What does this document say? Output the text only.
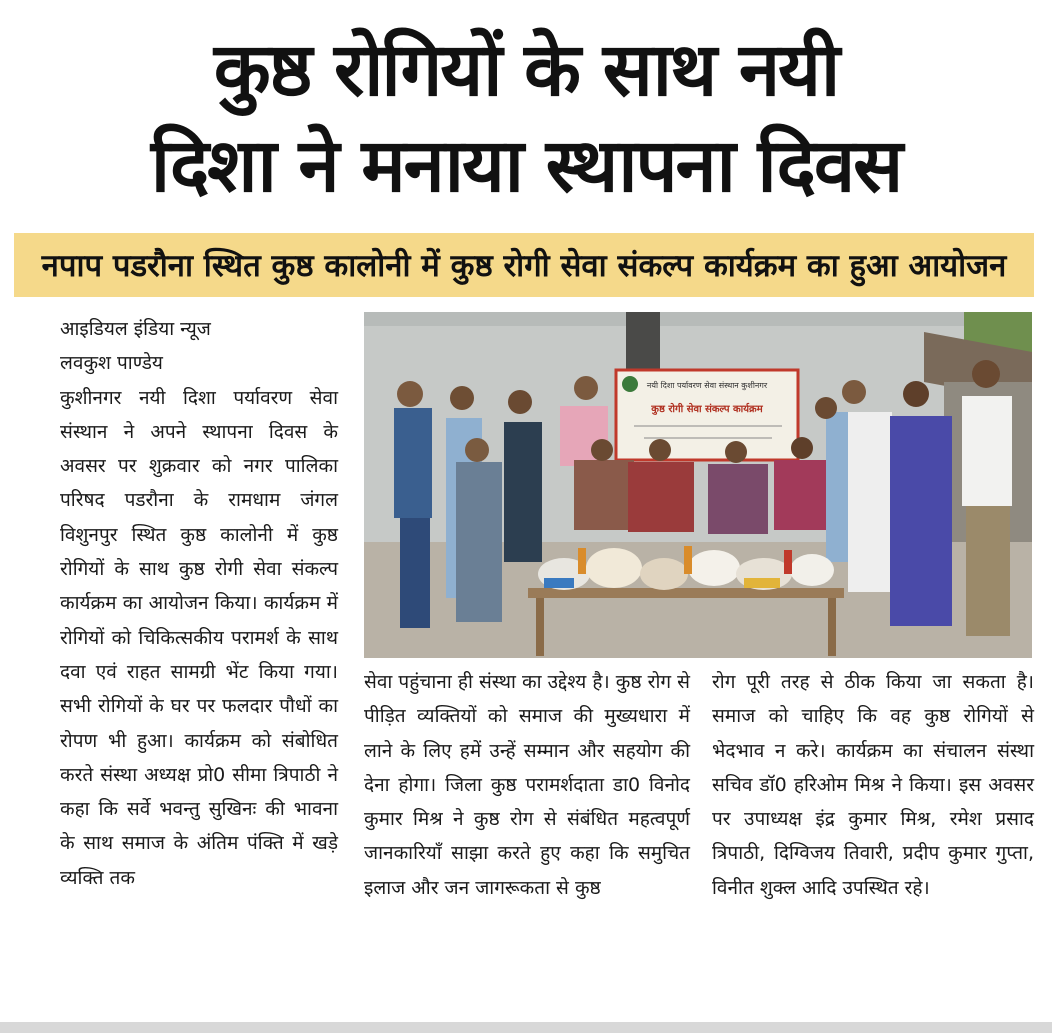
कुष्ठ रोगियों के साथ नयी
दिशा ने मनाया स्थापना दिवस
नपाप पडरौना स्थित कुष्ठ कालोनी में कुष्ठ रोगी सेवा संकल्प कार्यक्रम का हुआ आयोजन

आइडियल इंडिया न्यूज

लवकुश पाण्डेय

कुशीनगर नयी दिशा पर्यावरण सेवा संस्थान ने अपने स्थापना दिवस के अवसर पर शुक्रवार को नगर पालिका परिषद पडरौना के रामधाम जंगल विशुनपुर स्थित कुष्ठ कालोनी में कुष्ठ रोगियों के साथ कुष्ठ रोगी सेवा संकल्प कार्यक्रम का आयोजन किया। कार्यक्रम में रोगियों को चिकित्सकीय परामर्श के साथ दवा एवं राहत सामग्री भेंट किया गया। सभी रोगियों के घर पर फलदार पौधों का रोपण भी हुआ। कार्यक्रम को संबोधित करते संस्था अध्यक्ष प्रो0 सीमा त्रिपाठी ने कहा कि सर्वे भवन्तु सुखिनः की भावना के साथ समाज के अंतिम पंक्ति में खड़े व्यक्ति तक

नयी दिशा पर्यावरण सेवा संस्थान कुशीनगर
कुष्ठ रोगी सेवा संकल्प कार्यक्रम

सेवा पहुंचाना ही संस्था का उद्देश्य है। कुष्ठ रोग से पीड़ित व्यक्तियों को समाज की मुख्यधारा में लाने के लिए हमें उन्हें सम्मान और सहयोग की देना होगा। जिला कुष्ठ परामर्शदाता डा0 विनोद कुमार मिश्र ने कुष्ठ रोग से संबंधित महत्वपूर्ण जानकारियाँ साझा करते हुए कहा कि समुचित इलाज और जन जागरूकता से कुष्ठ

रोग पूरी तरह से ठीक किया जा सकता है। समाज को चाहिए कि वह कुष्ठ रोगियों से भेदभाव न करे। कार्यक्रम का संचालन संस्था सचिव डॉ0 हरिओम मिश्र ने किया। इस अवसर पर उपाध्यक्ष इंद्र कुमार मिश्र, रमेश प्रसाद त्रिपाठी, दिग्विजय तिवारी, प्रदीप कुमार गुप्ता, विनीत शुक्ल आदि उपस्थित रहे।
